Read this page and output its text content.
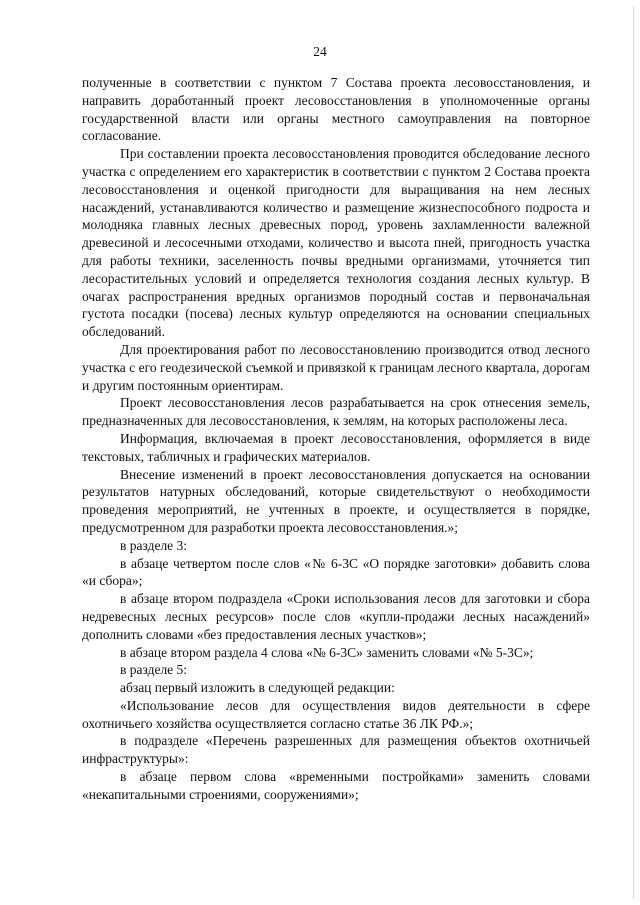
24

полученные в соответствии с пунктом 7 Состава проекта лесовосстановления, и направить доработанный проект лесовосстановления в уполномоченные органы государственной власти или органы местного самоуправления на повторное согласование.

При составлении проекта лесовосстановления проводится обследование лесного участка с определением его характеристик в соответствии с пунктом 2 Состава проекта лесовосстановления и оценкой пригодности для выращивания на нем лесных насаждений, устанавливаются количество и размещение жизнеспособного подроста и молодняка главных лесных древесных пород, уровень захламленности валежной древесиной и лесосечными отходами, количество и высота пней, пригодность участка для работы техники, заселенность почвы вредными организмами, уточняется тип лесорастительных условий и определяется технология создания лесных культур. В очагах распространения вредных организмов породный состав и первоначальная густота посадки (посева) лесных культур определяются на основании специальных обследований.

Для проектирования работ по лесовосстановлению производится отвод лесного участка с его геодезической съемкой и привязкой к границам лесного квартала, дорогам и другим постоянным ориентирам.

Проект лесовосстановления лесов разрабатывается на срок отнесения земель, предназначенных для лесовосстановления, к землям, на которых расположены леса.

Информация, включаемая в проект лесовосстановления, оформляется в виде текстовых, табличных и графических материалов.

Внесение изменений в проект лесовосстановления допускается на основании результатов натурных обследований, которые свидетельствуют о необходимости проведения мероприятий, не учтенных в проекте, и осуществляется в порядке, предусмотренном для разработки проекта лесовосстановления.»;

в разделе 3:

в абзаце четвертом после слов «№ 6-3С «О порядке заготовки» добавить слова «и сбора»;

в абзаце втором подраздела «Сроки использования лесов для заготовки и сбора недревесных лесных ресурсов» после слов «купли-продажи лесных насаждений» дополнить словами «без предоставления лесных участков»;

в абзаце втором раздела 4 слова «№ 6-3С» заменить словами «№ 5-3С»;

в разделе 5:

абзац первый изложить в следующей редакции:

«Использование лесов для осуществления видов деятельности в сфере охотничьего хозяйства осуществляется согласно статье 36 ЛК РФ.»;

в подразделе «Перечень разрешенных для размещения объектов охотничьей инфраструктуры»:

в абзаце первом слова «временными постройками» заменить словами «некапитальными строениями, сооружениями»;
